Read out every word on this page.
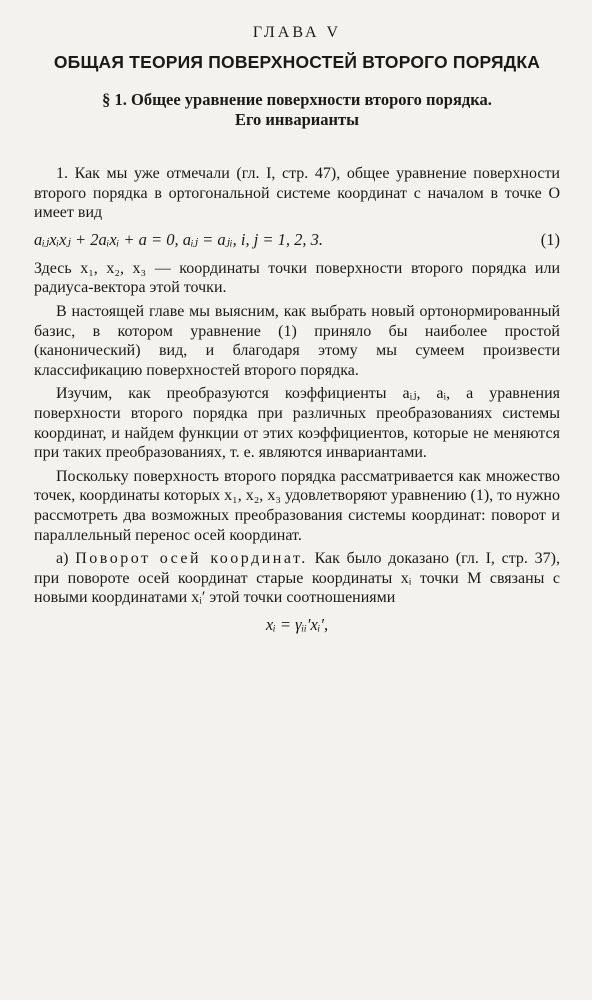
ГЛАВА V
ОБЩАЯ ТЕОРИЯ ПОВЕРХНОСТЕЙ ВТОРОГО ПОРЯДКА
§ 1. Общее уравнение поверхности второго порядка.
Его инварианты

1. Как мы уже отмечали (гл. I, стр. 47), общее уравнение поверхности второго порядка в ортогональной системе координат с началом в точке O имеет вид

aᵢⱼxᵢxⱼ + 2aᵢxᵢ + a = 0, aᵢⱼ = aⱼᵢ, i, j = 1, 2, 3.	(1)

Здесь x₁, x₂, x₃ — координаты точки поверхности второго порядка или радиуса-вектора этой точки.

В настоящей главе мы выясним, как выбрать новый ортонормированный базис, в котором уравнение (1) приняло бы наиболее простой (канонический) вид, и благодаря этому мы сумеем произвести классификацию поверхностей второго порядка.

Изучим, как преобразуются коэффициенты aᵢⱼ, aᵢ, a уравнения поверхности второго порядка при различных преобразованиях системы координат, и найдем функции от этих коэффициентов, которые не меняются при таких преобразованиях, т. е. являются инвариантами.

Поскольку поверхность второго порядка рассматривается как множество точек, координаты которых x₁, x₂, x₃ удовлетворяют уравнению (1), то нужно рассмотреть два возможных преобразования системы координат: поворот и параллельный перенос осей координат.

а) Поворот осей координат. Как было доказано (гл. I, стр. 37), при повороте осей координат старые координаты xᵢ точки M связаны с новыми координатами xᵢ′ этой точки соотношениями

xᵢ = γᵢᵢ′xᵢ′,
